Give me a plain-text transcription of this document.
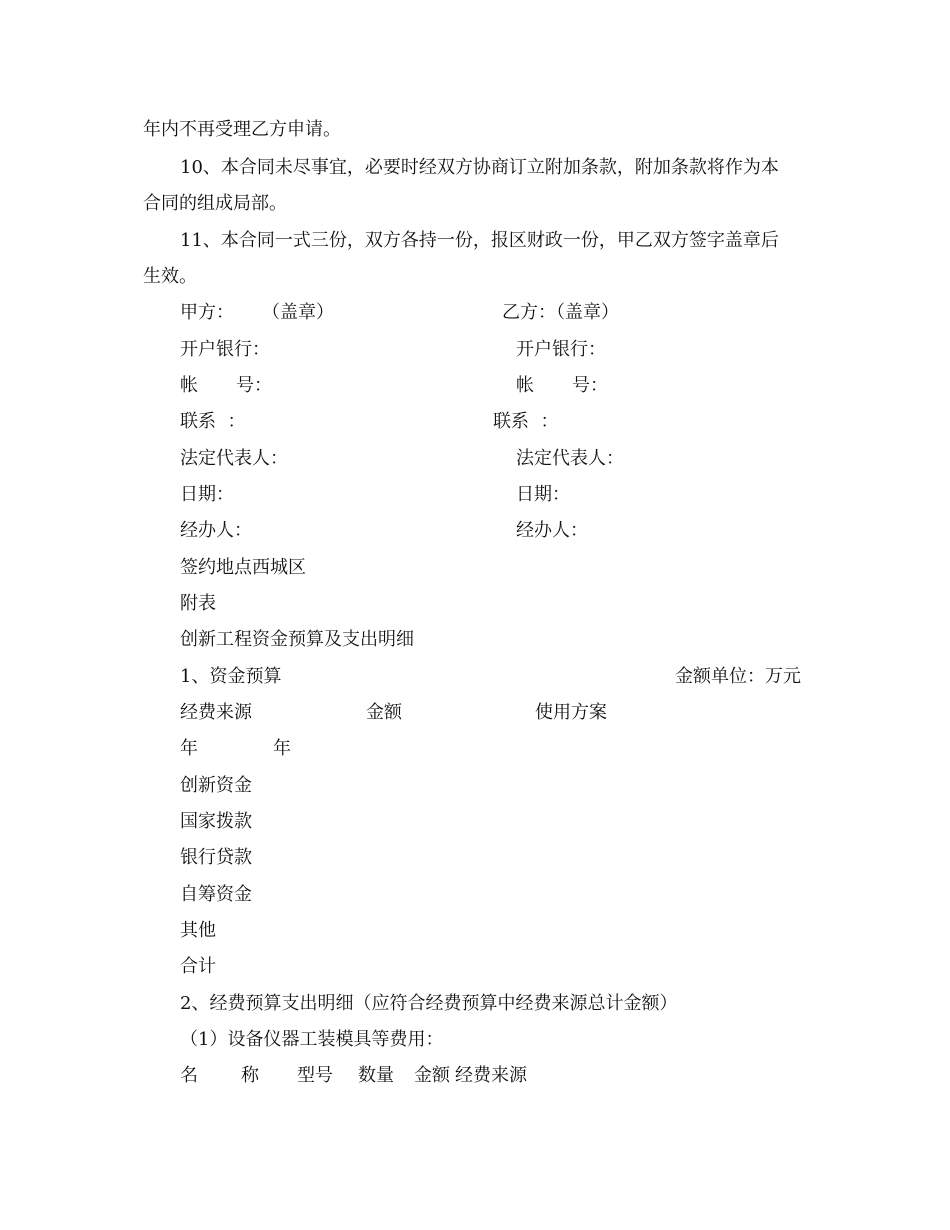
年内不再受理乙方申请。
10、本合同未尽事宜，必要时经双方协商订立附加条款，附加条款将作为本
合同的组成局部。
11、本合同一式三份，双方各持一份，报区财政一份，甲乙双方签字盖章后
生效。
甲方： （盖章）	乙方：（盖章）
开户银行：	开户银行：
帐 号：	帐 号：
联系  ：	联系  ：
法定代表人：	法定代表人：
日期：	日期：
经办人：	经办人：
签约地点西城区
附表
创新工程资金预算及支出明细
1、资金预算	金额单位：万元
经费来源	金额	使用方案
年	年
创新资金
国家拨款
银行贷款
自筹资金
其他
合计
2、经费预算支出明细（应符合经费预算中经费来源总计金额）
（1）设备仪器工装模具等费用：
名 称 型号 数量 金额 经费来源
